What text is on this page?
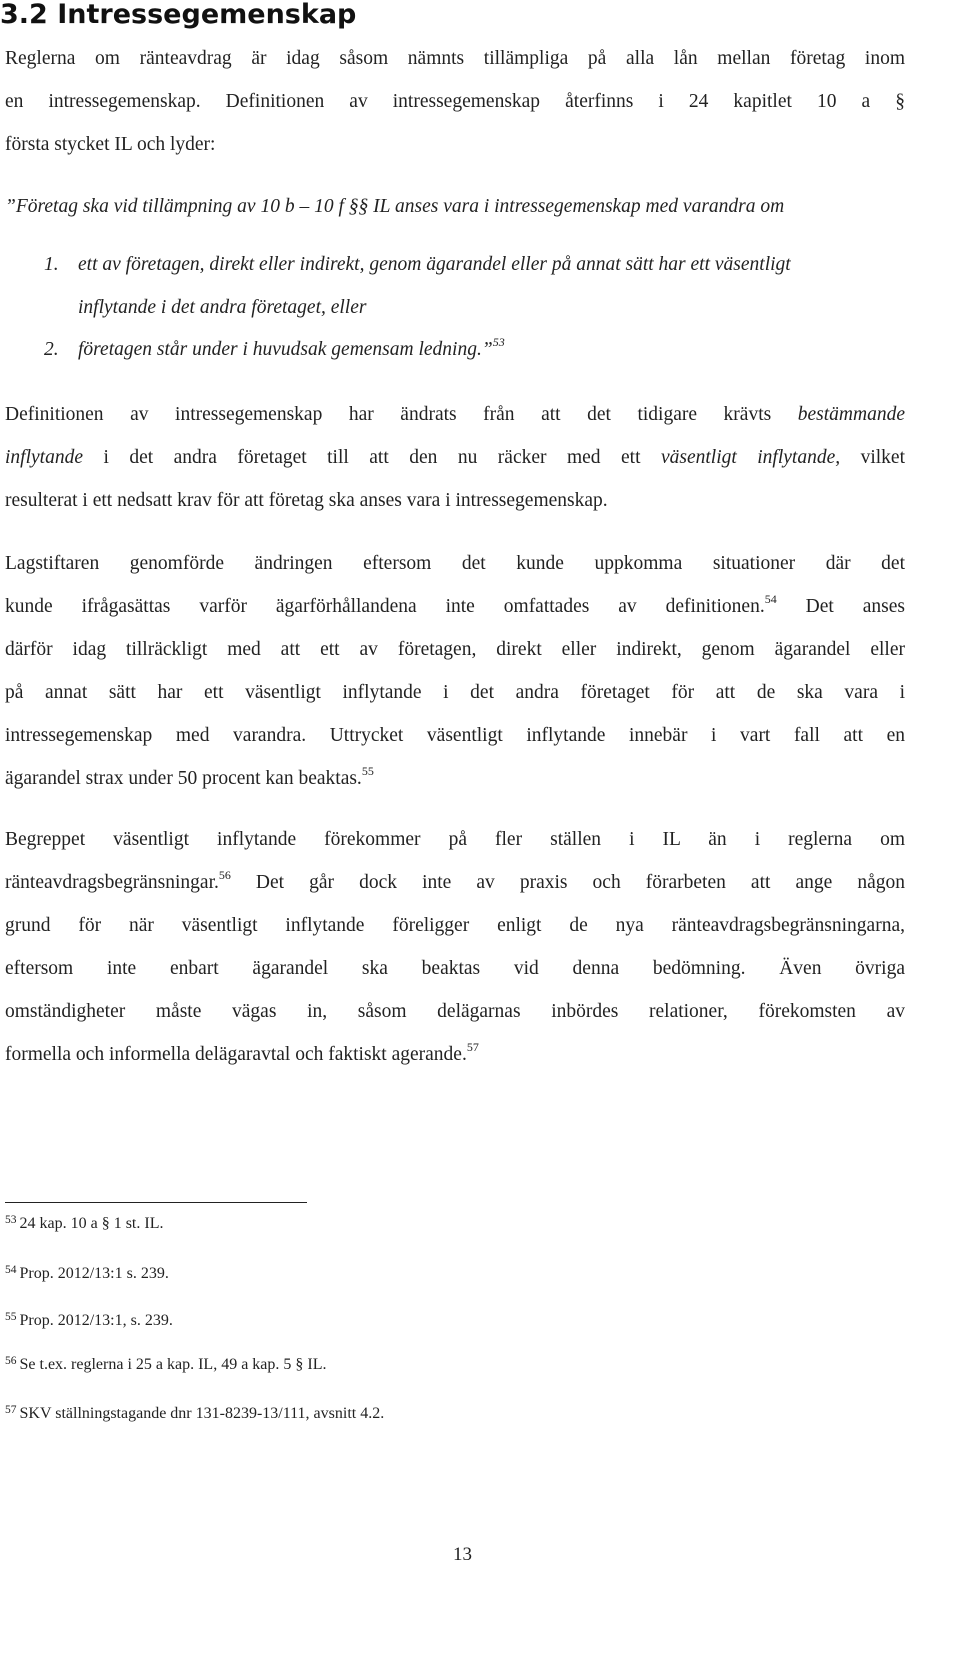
3.2 Intressegemenskap
Reglerna om ränteavdrag är idag såsom nämnts tillämpliga på alla lån mellan företag inom
en intressegemenskap. Definitionen av intressegemenskap återfinns i 24 kapitlet 10 a §
första stycket IL och lyder:
”Företag ska vid tillämpning av 10 b – 10 f §§ IL anses vara i intressegemenskap med varandra om
1. ett av företagen, direkt eller indirekt, genom ägarandel eller på annat sätt har ett väsentligt
inflytande i det andra företaget, eller
2. företagen står under i huvudsak gemensam ledning.”$^{53}$
Definitionen av intressegemenskap har ändrats från att det tidigare krävts bestämmande
inflytande i det andra företaget till att den nu räcker med ett väsentligt inflytande, vilket
resulterat i ett nedsatt krav för att företag ska anses vara i intressegemenskap.
Lagstiftaren genomförde ändringen eftersom det kunde uppkomma situationer där det
kunde ifrågasättas varför ägarförhållandena inte omfattades av definitionen.$^{54}$ Det anses
därför idag tillräckligt med att ett av företagen, direkt eller indirekt, genom ägarandel eller
på annat sätt har ett väsentligt inflytande i det andra företaget för att de ska vara i
intressegemenskap med varandra. Uttrycket väsentligt inflytande innebär i vart fall att en
ägarandel strax under 50 procent kan beaktas.$^{55}$
Begreppet väsentligt inflytande förekommer på fler ställen i IL än i reglerna om
ränteavdragsbegränsningar.$^{56}$ Det går dock inte av praxis och förarbeten att ange någon
grund för när väsentligt inflytande föreligger enligt de nya ränteavdragsbegränsningarna,
eftersom inte enbart ägarandel ska beaktas vid denna bedömning. Även övriga
omständigheter måste vägas in, såsom delägarnas inbördes relationer, förekomsten av
formella och informella delägaravtal och faktiskt agerande.$^{57}$
$^{53}$ 24 kap. 10 a § 1 st. IL.
$^{54}$ Prop. 2012/13:1 s. 239.
$^{55}$ Prop. 2012/13:1, s. 239.
$^{56}$ Se t.ex. reglerna i 25 a kap. IL, 49 a kap. 5 § IL.
$^{57}$ SKV ställningstagande dnr 131-8239-13/111, avsnitt 4.2.
13
